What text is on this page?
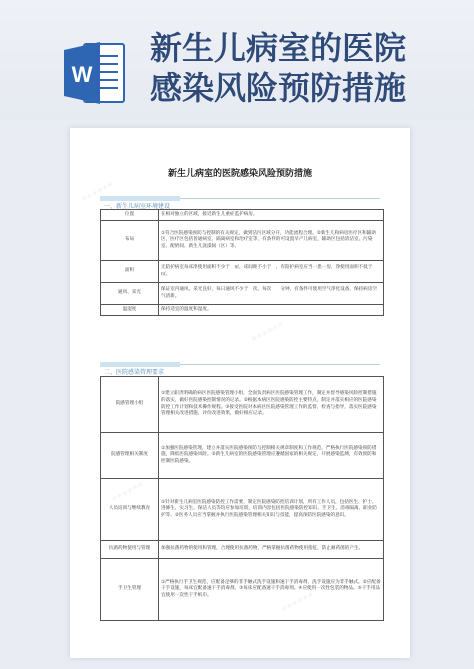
W
新生儿病室的医院
感染风险预防措施
✳✳✳✳✳✳
✳✳✳✳✳✳
✳✳✳✳✳✳
✳✳✳✳✳✳
新生儿病室的医院感染风险预防措施
一、新生儿病室环境建设
位置	在相对独立的区域，接近新生儿重症监护病房。
布局	①符合医院感染预防与控制的有关规定，做到洁污区域分开，功能流程合理。②新生儿和病房医疗区和辅助区，医疗区包括普通病室、隔离病室和治疗室等，有条件的可设置早产儿病室，辅助区包括清洁室、污染室、配奶间、新生儿洗澡间（区）等。
面积	无陪护病室每床净使用面积不少于　㎡，床间距不小于　，有陪护病室应当一患一房，净使用面积不低于　㎡。
通风、采光	保证室内通风、采光良好，每日通风不少于　次，每次　　分钟，有条件可使用空气净化设备，保持病房空气清新。
温湿度	保持适宜的温度和湿度。
二、医院感染管理要求
院感管理小组	①建立职责明确的病区医院感染管理小组，全面负责病区医院感染管理工作，制定并督导感染风险控制措施的落实，做好医院感染控制情况的记录。②根据本病区医院感染防控主要特点，制定并落实相应的医院感染防控工作计划和技术操作规程。③接受医院对本病区医院感染管理工作的监督、检查与指导，落实医院感染管理相关改进措施，评价改进效果，做好相应记录。
院感管理相关制度	①加强医院感染管理，建立并落实医院感染预防与控制相关规章制度和工作规范，严格执行医院感染预防措施，降低医院感染风险。②新生儿病室的医院感染管理应遵循国家的相关规定，开展感染监测，有效预防和控制医院感染。
人员培训与继续教育	①针对新生儿病室医院感染防控工作需要，制定医院感染防控培训计划，所有工作人员，包括医生、护士、进修生、实习生、保洁人员等均应参加培训，培训内容包括医院感染防控知识、手卫生、消毒隔离、职业防护等。②医务人员应当掌握并执行医院感染管理相关知识与技能，提高预防医院感染的意识。
抗菌药物使用与管理	加强抗菌药物的使用和管理，合理使用抗菌药物，严格掌握抗菌药物使用指征，防止耐药菌的产生。
手卫生管理	①严格执行手卫生规范，应配备足够的非手触式洗手设施和速干手消毒剂，洗手设施应为非手触式。②应配备干手设施，每床宜配备速干手消毒剂。③每床应配备速干手消毒剂。④应使用一次性包装的物品。⑤干手用品宜使用一次性干手纸巾。
